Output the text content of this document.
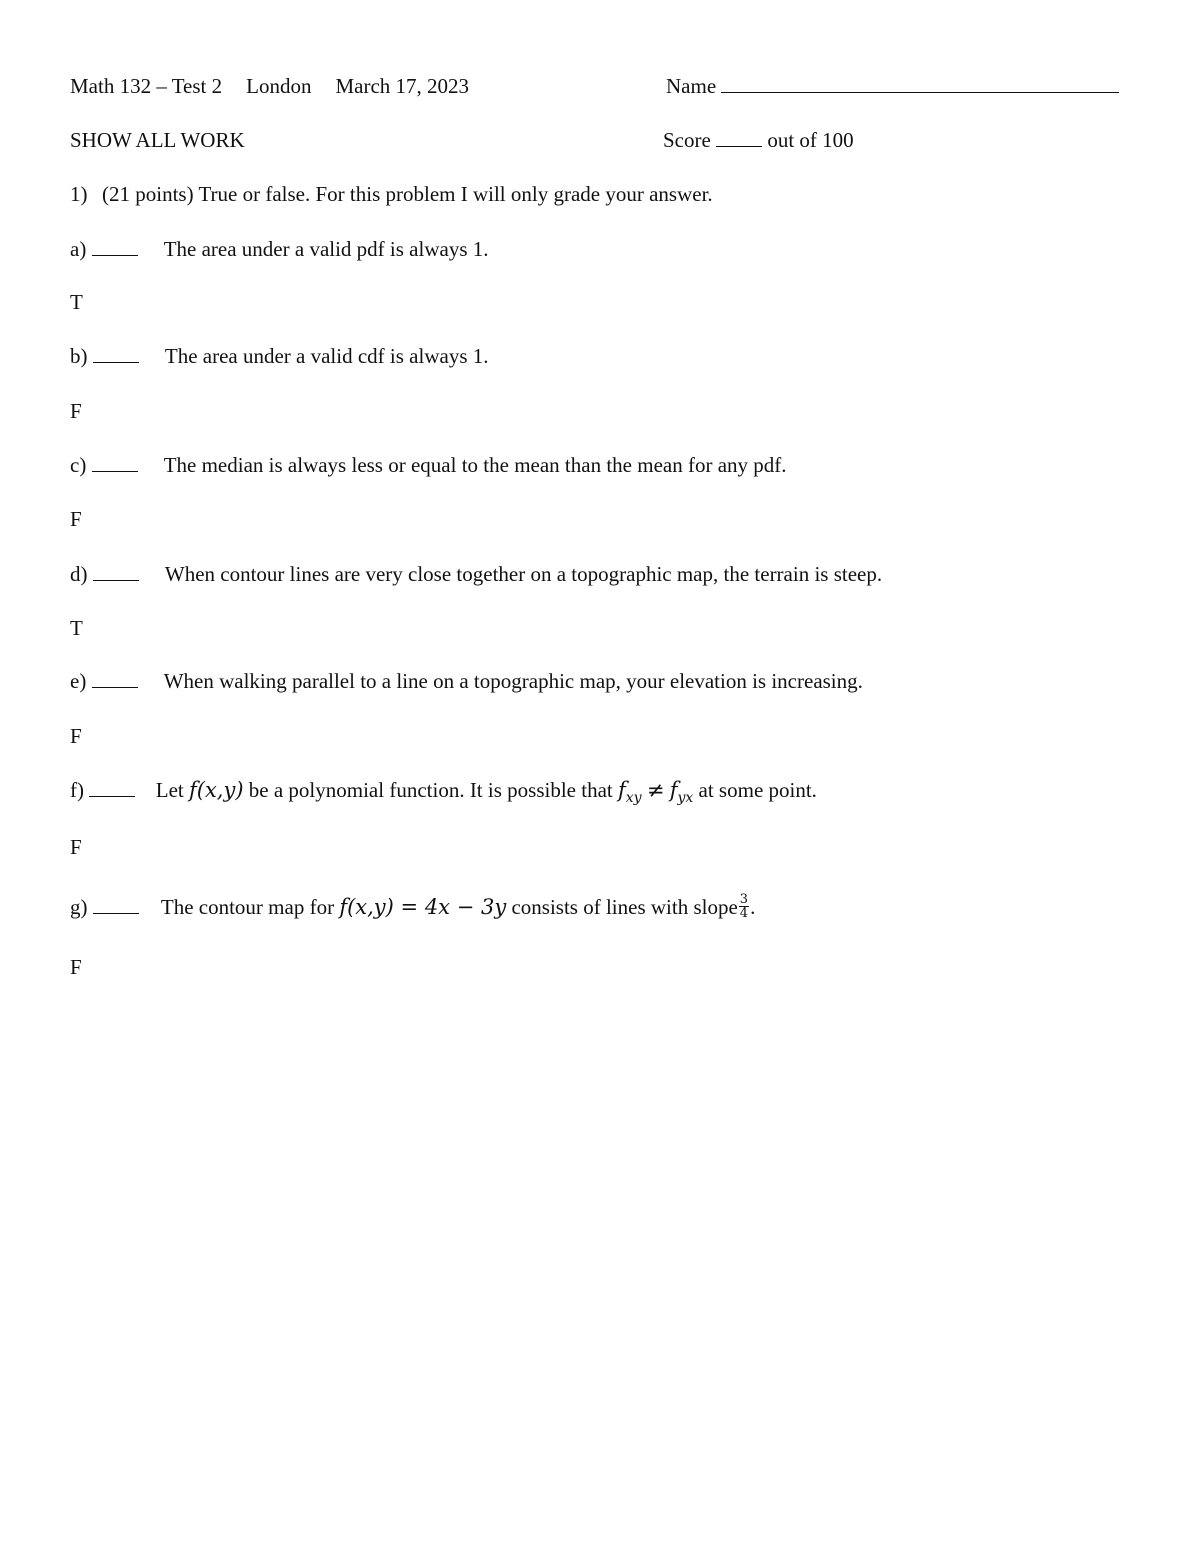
Math 132 – Test 2 London March 17, 2023	Name
SHOW ALL WORK	Score	out of 100
1) (21 points) True or false. For this problem I will only grade your answer.
a)	The area under a valid pdf is always 1.
T
b)	The area under a valid cdf is always 1.
F
c)	The median is always less or equal to the mean than the mean for any pdf.
F
d)	When contour lines are very close together on a topographic map, the terrain is steep.
T
e)	When walking parallel to a line on a topographic map, your elevation is increasing.
F
f)	Let f(x,y) be a polynomial function. It is possible that $f_{xy} \ne f_{yx}$ at some point.
F
g)	The contour map for f(x,y) = 4x − 3y consists of lines with slope $\frac{3}{4}$ .
F
